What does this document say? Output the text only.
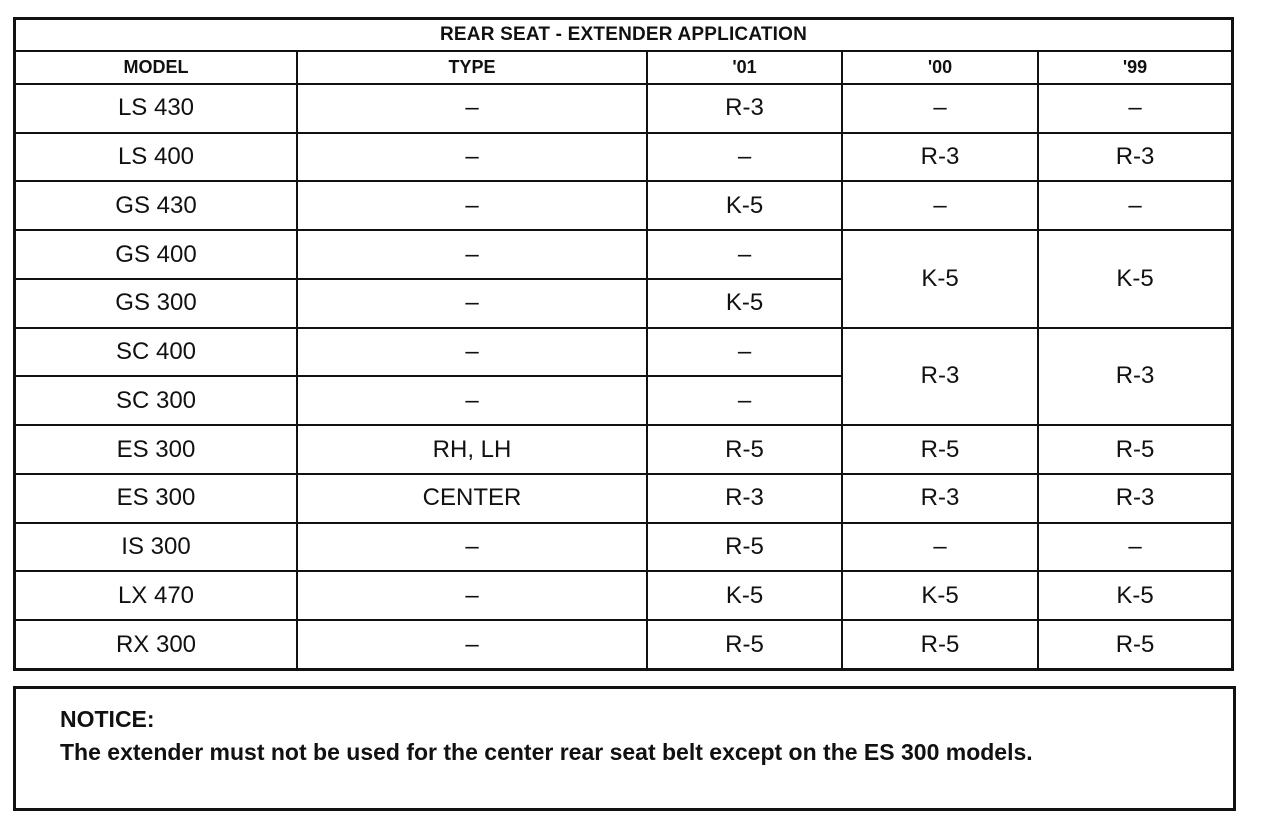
REAR SEAT - EXTENDER APPLICATION				
MODEL	TYPE	'01	'00	'99
LS 430	–	R-3	–	–
LS 400	–	–	R-3	R-3
GS 430	–	K-5	–	–
GS 400	–	–	K-5	K-5
GS 300	–	K-5		
SC 400	–	–	R-3	R-3
SC 300	–	–		
ES 300	RH, LH	R-5	R-5	R-5
ES 300	CENTER	R-3	R-3	R-3
IS 300	–	R-5	–	–
LX 470	–	K-5	K-5	K-5
RX 300	–	R-5	R-5	R-5
NOTICE:
The extender must not be used for the center rear seat belt except on the ES 300 models.
